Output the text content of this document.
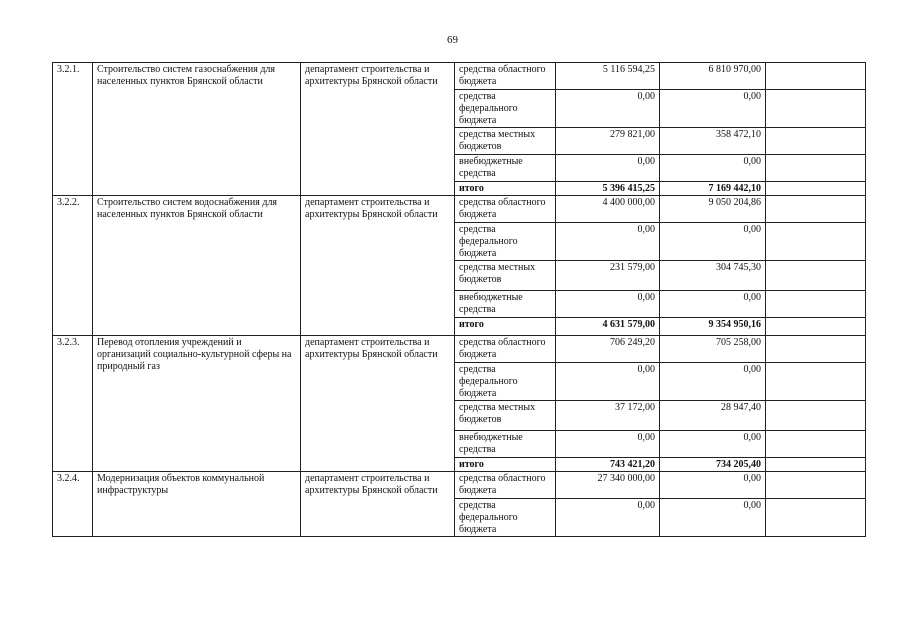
69
3.2.1.	Строительство систем газоснабжения для населенных пунктов Брянской области	департамент строительства и архитектуры Брянской области	средства областного бюджета	5 116 594,25	6 810 970,00	
			средства федерального бюджета	0,00	0,00	
			средства местных бюджетов	279 821,00	358 472,10	
			внебюджетные средства	0,00	0,00	
			итого	5 396 415,25	7 169 442,10	
3.2.2.	Строительство систем водоснабжения для населенных пунктов Брянской области	департамент строительства и архитектуры Брянской области	средства областного бюджета	4 400 000,00	9 050 204,86	
			средства федерального бюджета	0,00	0,00	
			средства местных бюджетов	231 579,00	304 745,30	
			внебюджетные средства	0,00	0,00	
			итого	4 631 579,00	9 354 950,16	
3.2.3.	Перевод отопления учреждений и организаций социально-культурной сферы на природный газ	департамент строительства и архитектуры Брянской области	средства областного бюджета	706 249,20	705 258,00	
			средства федерального бюджета	0,00	0,00	
			средства местных бюджетов	37 172,00	28 947,40	
			внебюджетные средства	0,00	0,00	
			итого	743 421,20	734 205,40	
3.2.4.	Модернизация объектов коммунальной инфраструктуры	департамент строительства и архитектуры Брянской области	средства областного бюджета	27 340 000,00	0,00	
			средства федерального бюджета	0,00	0,00	
